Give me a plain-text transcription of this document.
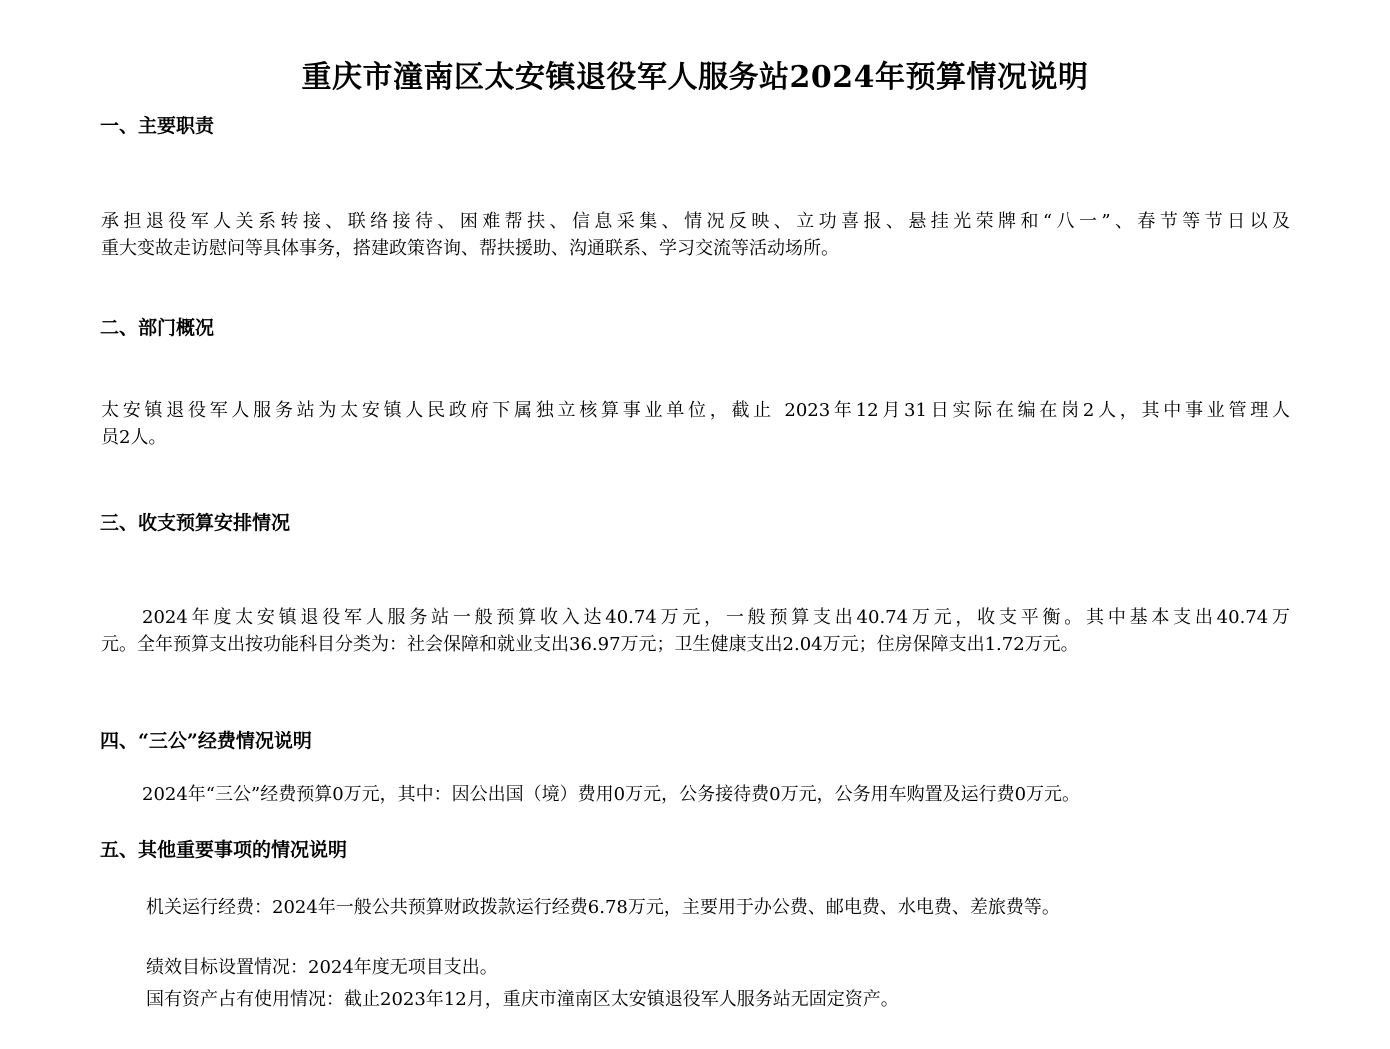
重庆市潼南区太安镇退役军人服务站2024年预算情况说明
一、主要职责
承担退役军人关系转接、联络接待、困难帮扶、信息采集、情况反映、立功喜报、悬挂光荣牌和“八一”、春节等节日以及
重大变故走访慰问等具体事务，搭建政策咨询、帮扶援助、沟通联系、学习交流等活动场所。
二、部门概况
太安镇退役军人服务站为太安镇人民政府下属独立核算事业单位，截止 2023年12月31日实际在编在岗2人，其中事业管理人
员2人。
三、收支预算安排情况
2024年度太安镇退役军人服务站一般预算收入达40.74万元，一般预算支出40.74万元，收支平衡。其中基本支出40.74万
元。全年预算支出按功能科目分类为：社会保障和就业支出36.97万元；卫生健康支出2.04万元；住房保障支出1.72万元。
四、“三公”经费情况说明
2024年“三公”经费预算0万元，其中：因公出国（境）费用0万元，公务接待费0万元，公务用车购置及运行费0万元。
五、其他重要事项的情况说明
机关运行经费：2024年一般公共预算财政拨款运行经费6.78万元，主要用于办公费、邮电费、水电费、差旅费等。
绩效目标设置情况：2024年度无项目支出。
国有资产占有使用情况：截止2023年12月，重庆市潼南区太安镇退役军人服务站无固定资产。
